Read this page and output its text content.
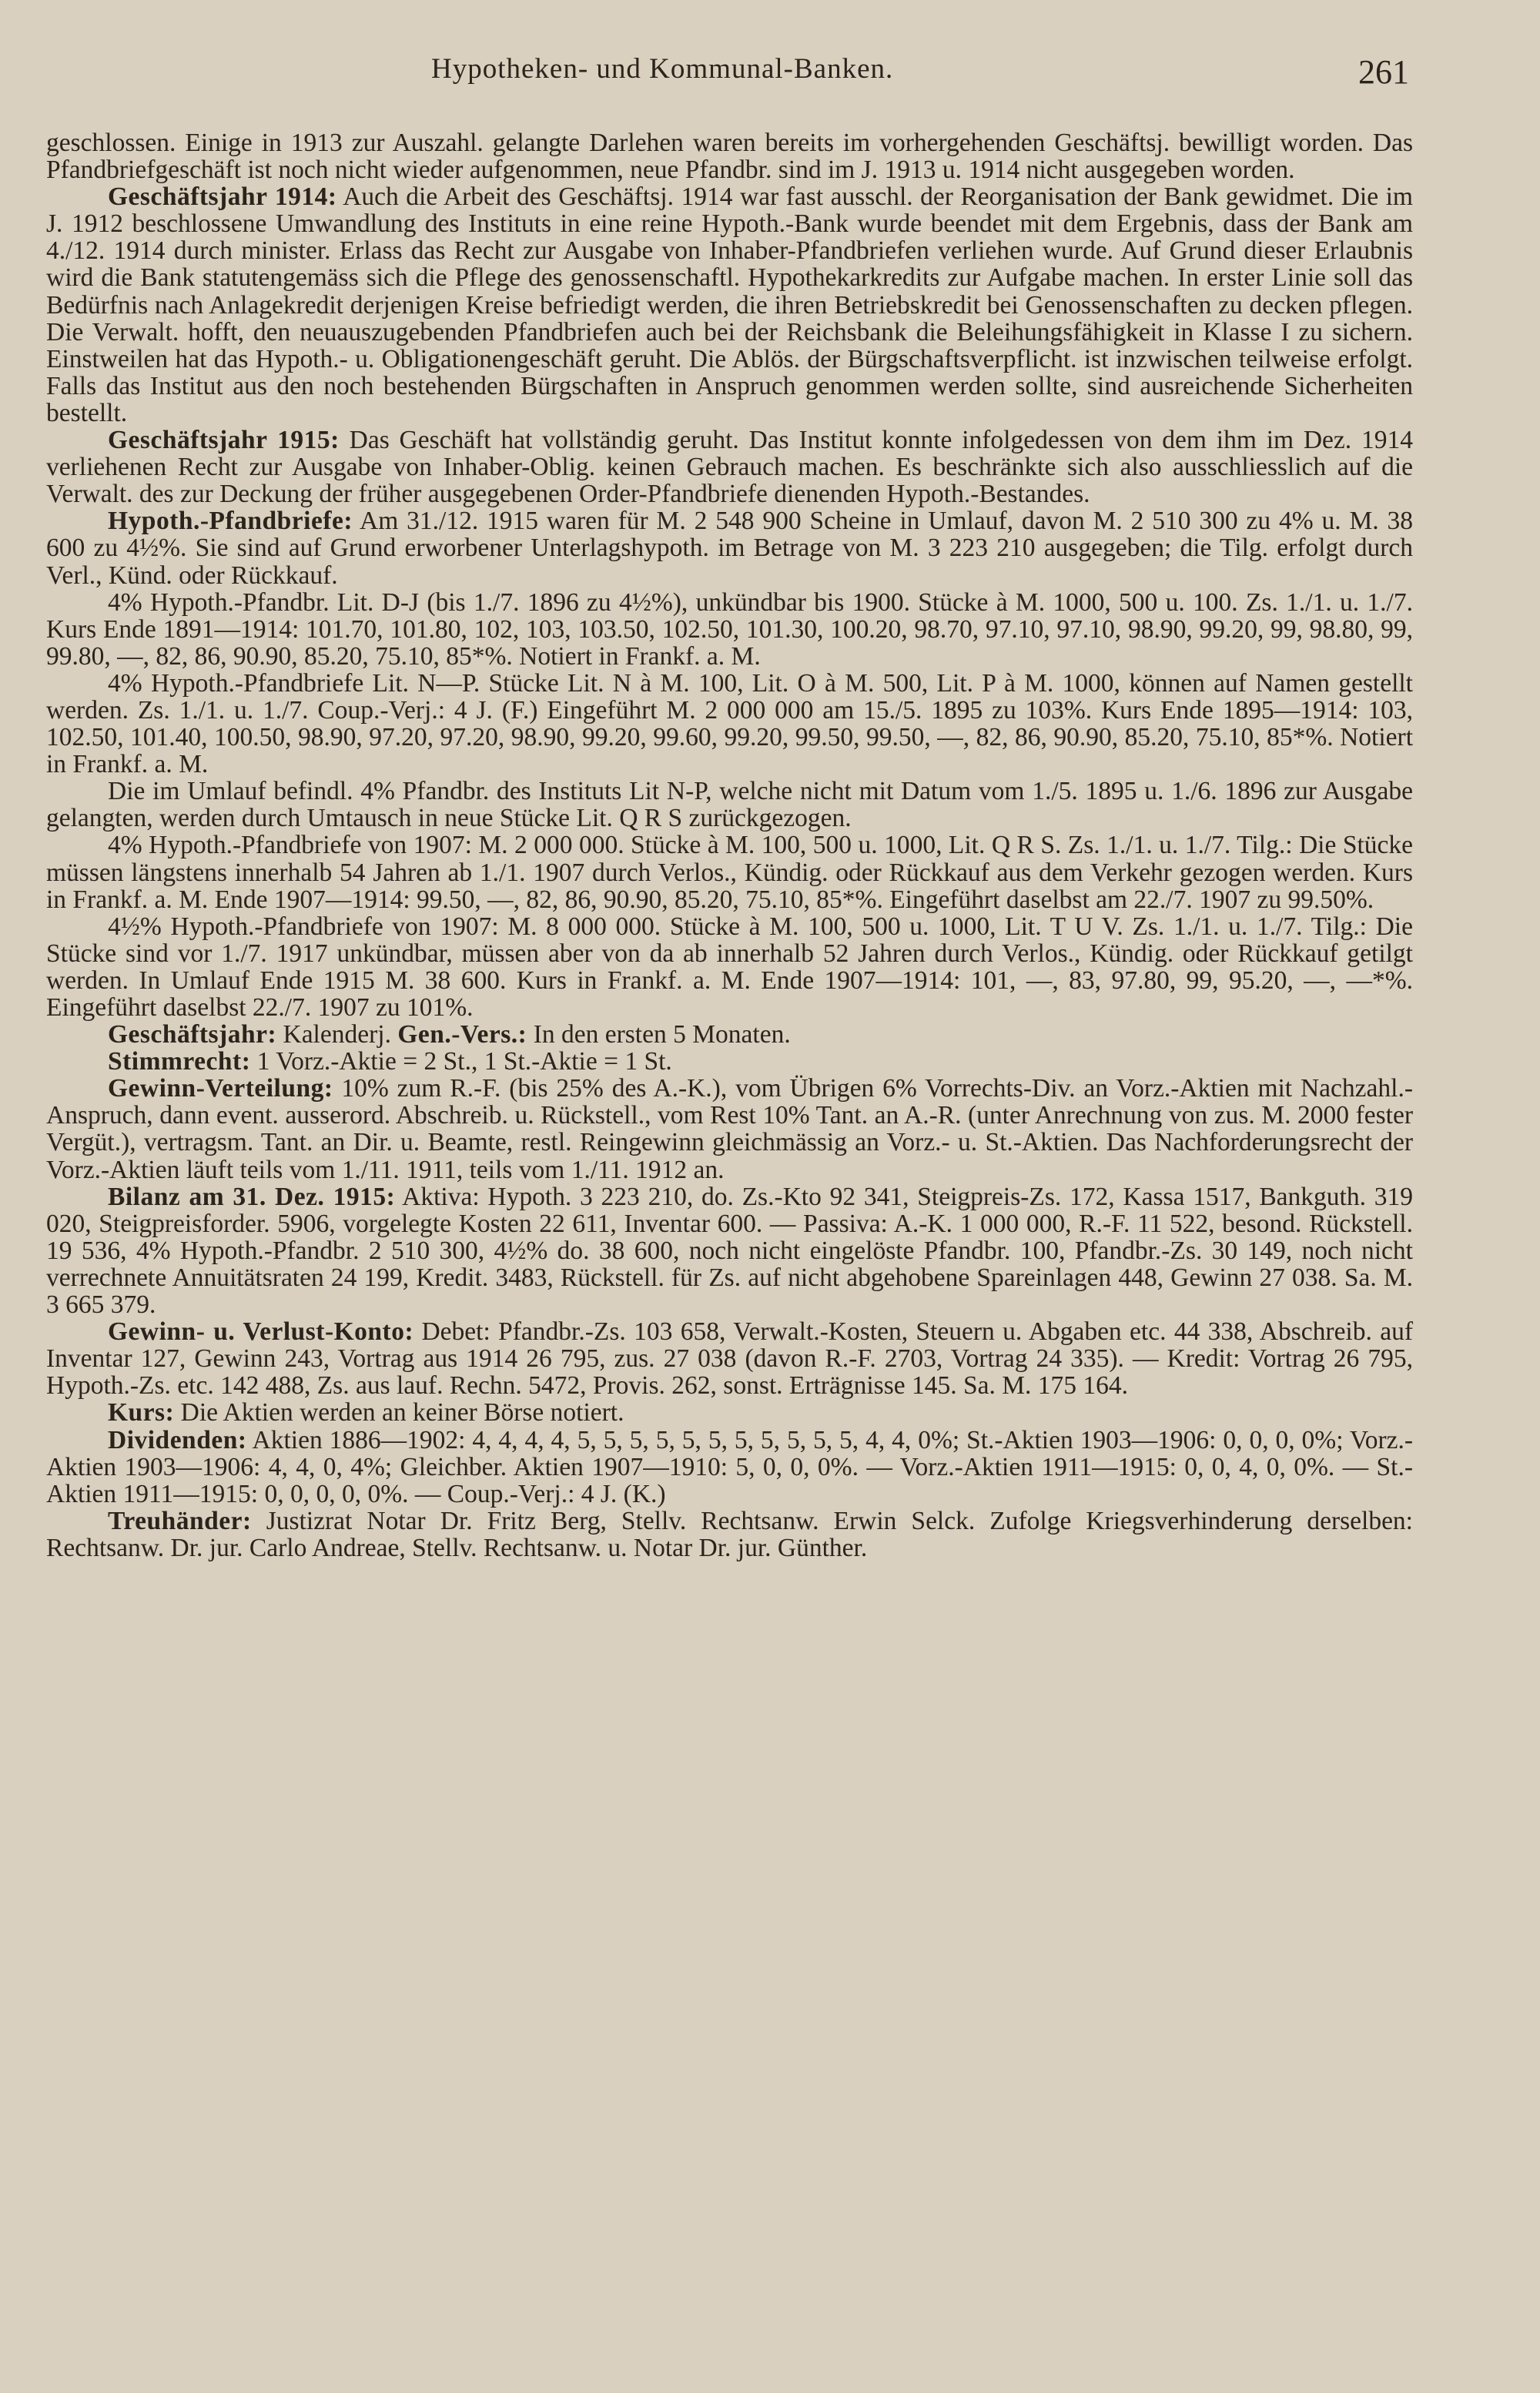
Hypotheken- und Kommunal-Banken.	261

geschlossen. Einige in 1913 zur Auszahl. gelangte Darlehen waren bereits im vorhergehenden Geschäftsj. bewilligt worden. Das Pfandbriefgeschäft ist noch nicht wieder aufgenommen, neue Pfandbr. sind im J. 1913 u. 1914 nicht ausgegeben worden.

Geschäftsjahr 1914: Auch die Arbeit des Geschäftsj. 1914 war fast ausschl. der Reorganisation der Bank gewidmet. Die im J. 1912 beschlossene Umwandlung des Instituts in eine reine Hypoth.-Bank wurde beendet mit dem Ergebnis, dass der Bank am 4./12. 1914 durch minister. Erlass das Recht zur Ausgabe von Inhaber-Pfandbriefen verliehen wurde. Auf Grund dieser Erlaubnis wird die Bank statutengemäss sich die Pflege des genossenschaftl. Hypothekarkredits zur Aufgabe machen. In erster Linie soll das Bedürfnis nach Anlagekredit derjenigen Kreise befriedigt werden, die ihren Betriebskredit bei Genossenschaften zu decken pflegen. Die Verwalt. hofft, den neuauszugebenden Pfandbriefen auch bei der Reichsbank die Beleihungsfähigkeit in Klasse I zu sichern. Einstweilen hat das Hypoth.- u. Obligationengeschäft geruht. Die Ablös. der Bürgschaftsverpflicht. ist inzwischen teilweise erfolgt. Falls das Institut aus den noch bestehenden Bürgschaften in Anspruch genommen werden sollte, sind ausreichende Sicherheiten bestellt.

Geschäftsjahr 1915: Das Geschäft hat vollständig geruht. Das Institut konnte infolgedessen von dem ihm im Dez. 1914 verliehenen Recht zur Ausgabe von Inhaber-Oblig. keinen Gebrauch machen. Es beschränkte sich also ausschliesslich auf die Verwalt. des zur Deckung der früher ausgegebenen Order-Pfandbriefe dienenden Hypoth.-Bestandes.

Hypoth.-Pfandbriefe: Am 31./12. 1915 waren für M. 2 548 900 Scheine in Umlauf, davon M. 2 510 300 zu 4% u. M. 38 600 zu 4½%. Sie sind auf Grund erworbener Unterlagshypoth. im Betrage von M. 3 223 210 ausgegeben; die Tilg. erfolgt durch Verl., Künd. oder Rückkauf.

4% Hypoth.-Pfandbr. Lit. D-J (bis 1./7. 1896 zu 4½%), unkündbar bis 1900. Stücke à M. 1000, 500 u. 100. Zs. 1./1. u. 1./7. Kurs Ende 1891—1914: 101.70, 101.80, 102, 103, 103.50, 102.50, 101.30, 100.20, 98.70, 97.10, 97.10, 98.90, 99.20, 99, 98.80, 99, 99.80, —, 82, 86, 90.90, 85.20, 75.10, 85*%. Notiert in Frankf. a. M.

4% Hypoth.-Pfandbriefe Lit. N—P. Stücke Lit. N à M. 100, Lit. O à M. 500, Lit. P à M. 1000, können auf Namen gestellt werden. Zs. 1./1. u. 1./7. Coup.-Verj.: 4 J. (F.) Eingeführt M. 2 000 000 am 15./5. 1895 zu 103%. Kurs Ende 1895—1914: 103, 102.50, 101.40, 100.50, 98.90, 97.20, 97.20, 98.90, 99.20, 99.60, 99.20, 99.50, 99.50, —, 82, 86, 90.90, 85.20, 75.10, 85*%. Notiert in Frankf. a. M.

Die im Umlauf befindl. 4% Pfandbr. des Instituts Lit N-P, welche nicht mit Datum vom 1./5. 1895 u. 1./6. 1896 zur Ausgabe gelangten, werden durch Umtausch in neue Stücke Lit. Q R S zurückgezogen.

4% Hypoth.-Pfandbriefe von 1907: M. 2 000 000. Stücke à M. 100, 500 u. 1000, Lit. Q R S. Zs. 1./1. u. 1./7. Tilg.: Die Stücke müssen längstens innerhalb 54 Jahren ab 1./1. 1907 durch Verlos., Kündig. oder Rückkauf aus dem Verkehr gezogen werden. Kurs in Frankf. a. M. Ende 1907—1914: 99.50, —, 82, 86, 90.90, 85.20, 75.10, 85*%. Eingeführt daselbst am 22./7. 1907 zu 99.50%.

4½% Hypoth.-Pfandbriefe von 1907: M. 8 000 000. Stücke à M. 100, 500 u. 1000, Lit. T U V. Zs. 1./1. u. 1./7. Tilg.: Die Stücke sind vor 1./7. 1917 unkündbar, müssen aber von da ab innerhalb 52 Jahren durch Verlos., Kündig. oder Rückkauf getilgt werden. In Umlauf Ende 1915 M. 38 600. Kurs in Frankf. a. M. Ende 1907—1914: 101, —, 83, 97.80, 99, 95.20, —, —*%. Eingeführt daselbst 22./7. 1907 zu 101%.

Geschäftsjahr: Kalenderj. Gen.-Vers.: In den ersten 5 Monaten.

Stimmrecht: 1 Vorz.-Aktie = 2 St., 1 St.-Aktie = 1 St.

Gewinn-Verteilung: 10% zum R.-F. (bis 25% des A.-K.), vom Übrigen 6% Vorrechts-Div. an Vorz.-Aktien mit Nachzahl.-Anspruch, dann event. ausserord. Abschreib. u. Rückstell., vom Rest 10% Tant. an A.-R. (unter Anrechnung von zus. M. 2000 fester Vergüt.), vertragsm. Tant. an Dir. u. Beamte, restl. Reingewinn gleichmässig an Vorz.- u. St.-Aktien. Das Nachforderungsrecht der Vorz.-Aktien läuft teils vom 1./11. 1911, teils vom 1./11. 1912 an.

Bilanz am 31. Dez. 1915: Aktiva: Hypoth. 3 223 210, do. Zs.-Kto 92 341, Steigpreis-Zs. 172, Kassa 1517, Bankguth. 319 020, Steigpreisforder. 5906, vorgelegte Kosten 22 611, Inventar 600. — Passiva: A.-K. 1 000 000, R.-F. 11 522, besond. Rückstell. 19 536, 4% Hypoth.-Pfandbr. 2 510 300, 4½% do. 38 600, noch nicht eingelöste Pfandbr. 100, Pfandbr.-Zs. 30 149, noch nicht verrechnete Annuitätsraten 24 199, Kredit. 3483, Rückstell. für Zs. auf nicht abgehobene Spareinlagen 448, Gewinn 27 038. Sa. M. 3 665 379.

Gewinn- u. Verlust-Konto: Debet: Pfandbr.-Zs. 103 658, Verwalt.-Kosten, Steuern u. Abgaben etc. 44 338, Abschreib. auf Inventar 127, Gewinn 243, Vortrag aus 1914 26 795, zus. 27 038 (davon R.-F. 2703, Vortrag 24 335). — Kredit: Vortrag 26 795, Hypoth.-Zs. etc. 142 488, Zs. aus lauf. Rechn. 5472, Provis. 262, sonst. Erträgnisse 145. Sa. M. 175 164.

Kurs: Die Aktien werden an keiner Börse notiert.

Dividenden: Aktien 1886—1902: 4, 4, 4, 4, 5, 5, 5, 5, 5, 5, 5, 5, 5, 5, 5, 4, 4, 0%; St.-Aktien 1903—1906: 0, 0, 0, 0%; Vorz.-Aktien 1903—1906: 4, 4, 0, 4%; Gleichber. Aktien 1907—1910: 5, 0, 0, 0%. — Vorz.-Aktien 1911—1915: 0, 0, 4, 0, 0%. — St.-Aktien 1911—1915: 0, 0, 0, 0, 0%. — Coup.-Verj.: 4 J. (K.)

Treuhänder: Justizrat Notar Dr. Fritz Berg, Stellv. Rechtsanw. Erwin Selck. Zufolge Kriegsverhinderung derselben: Rechtsanw. Dr. jur. Carlo Andreae, Stellv. Rechtsanw. u. Notar Dr. jur. Günther.
